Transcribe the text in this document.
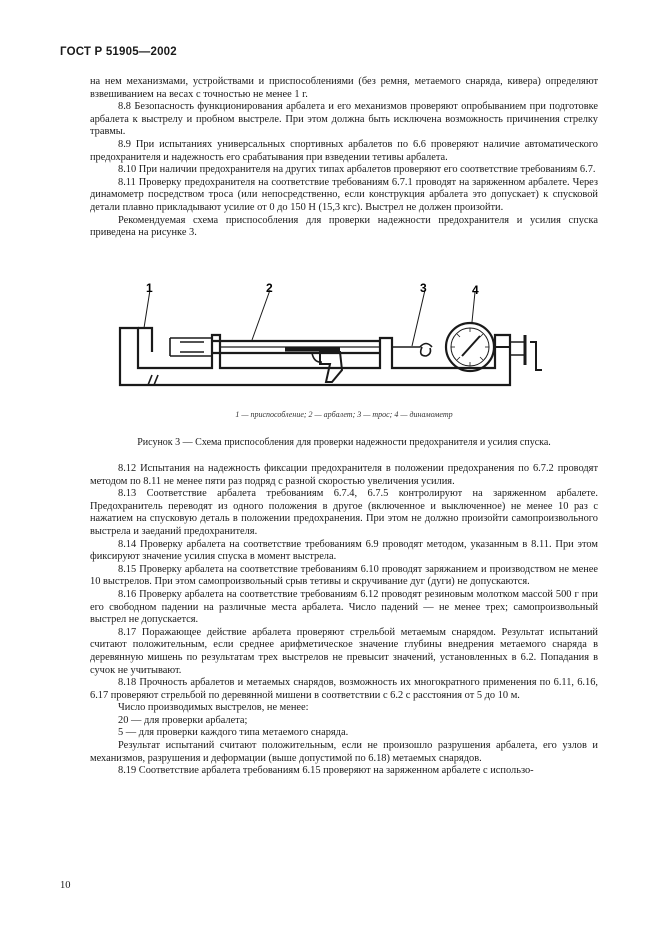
ГОСТ Р 51905—2002

на нем механизмами, устройствами и приспособлениями (без ремня, метаемого снаряда, кивера) определяют взвешиванием на весах с точностью не менее 1 г.

8.8 Безопасность функционирования арбалета и его механизмов проверяют опробыванием при подготовке арбалета к выстрелу и пробном выстреле. При этом должна быть исключена возможность причинения стрелку травмы.

8.9 При испытаниях универсальных спортивных арбалетов по 6.6 проверяют наличие автоматического предохранителя и надежность его срабатывания при взведении тетивы арбалета.

8.10 При наличии предохранителя на других типах арбалетов проверяют его соответствие требованиям 6.7.

8.11 Проверку предохранителя на соответствие требованиям 6.7.1 проводят на заряженном арбалете. Через динамометр посредством троса (или непосредственно, если конструкция арбалета это допускает) к спусковой детали плавно прикладывают усилие от 0 до 150 Н (15,3 кгс). Выстрел не должен произойти.

Рекомендуемая схема приспособления для проверки надежности предохранителя и усилия спуска приведена на рисунке 3.

1	2	3	4
1 — приспособление; 2 — арбалет; 3 — трос; 4 — динамометр
Рисунок 3 — Схема приспособления для проверки надежности предохранителя и усилия спуска.

8.12 Испытания на надежность фиксации предохранителя в положении предохранения по 6.7.2 проводят методом по 8.11 не менее пяти раз подряд с разной скоростью увеличения усилия.

8.13 Соответствие арбалета требованиям 6.7.4, 6.7.5 контролируют на заряженном арбалете. Предохранитель переводят из одного положения в другое (включенное и выключенное) не менее 10 раз с нажатием на спусковую деталь в положении предохранения. При этом не должно произойти самопроизвольного выстрела и заеданий предохранителя.

8.14 Проверку арбалета на соответствие требованиям 6.9 проводят методом, указанным в 8.11. При этом фиксируют значение усилия спуска в момент выстрела.

8.15 Проверку арбалета на соответствие требованиям 6.10 проводят заряжанием и производством не менее 10 выстрелов. При этом самопроизвольный срыв тетивы и скручивание дуг (дуги) не допускаются.

8.16 Проверку арбалета на соответствие требованиям 6.12 проводят резиновым молотком массой 500 г при его свободном падении на различные места арбалета. Число падений — не менее трех; самопроизвольный выстрел не допускается.

8.17 Поражающее действие арбалета проверяют стрельбой метаемым снарядом. Результат испытаний считают положительным, если среднее арифметическое значение глубины внедрения метаемого снаряда в деревянную мишень по результатам трех выстрелов не превысит значений, установленных в 6.2. Попадания в сучок не учитывают.

8.18 Прочность арбалетов и метаемых снарядов, возможность их многократного применения по 6.11, 6.16, 6.17 проверяют стрельбой по деревянной мишени в соответствии с 6.2 с расстояния от 5 до 10 м.

Число производимых выстрелов, не менее:

20 — для проверки арбалета;

5 — для проверки каждого типа метаемого снаряда.

Результат испытаний считают положительным, если не произошло разрушения арбалета, его узлов и механизмов, разрушения и деформации (выше допустимой по 6.18) метаемых снарядов.

8.19 Соответствие арбалета требованиям 6.15 проверяют на заряженном арбалете с использо-

10
